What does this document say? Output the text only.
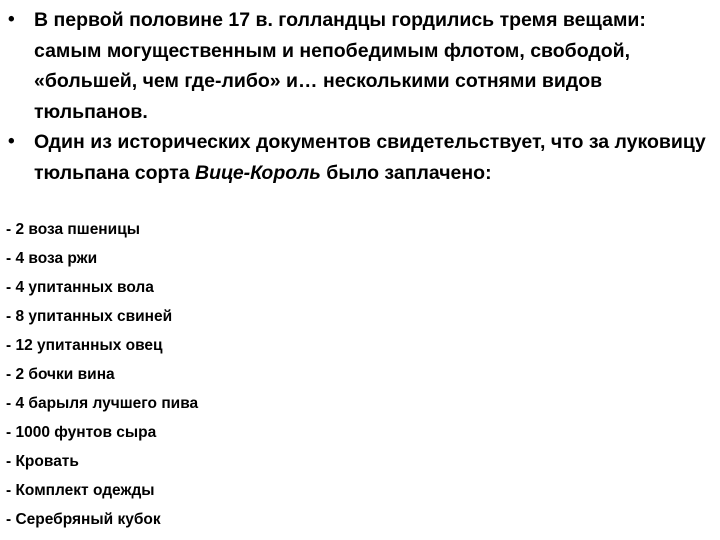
• В первой половине 17 в. голландцы гордились тремя вещами: самым могущественным и непобедимым флотом, свободой, «большей, чем где-либо» и… несколькими сотнями видов тюльпанов.
• Один из исторических документов свидетельствует, что за луковицу тюльпана сорта Вице-Король было заплачено:
- 2 воза пшеницы
- 4 воза ржи
- 4 упитанных вола
- 8 упитанных свиней
- 12 упитанных овец
- 2 бочки вина
- 4 барыля лучшего пива
- 1000 фунтов сыра
- Кровать
- Комплект одежды
- Серебряный кубок
